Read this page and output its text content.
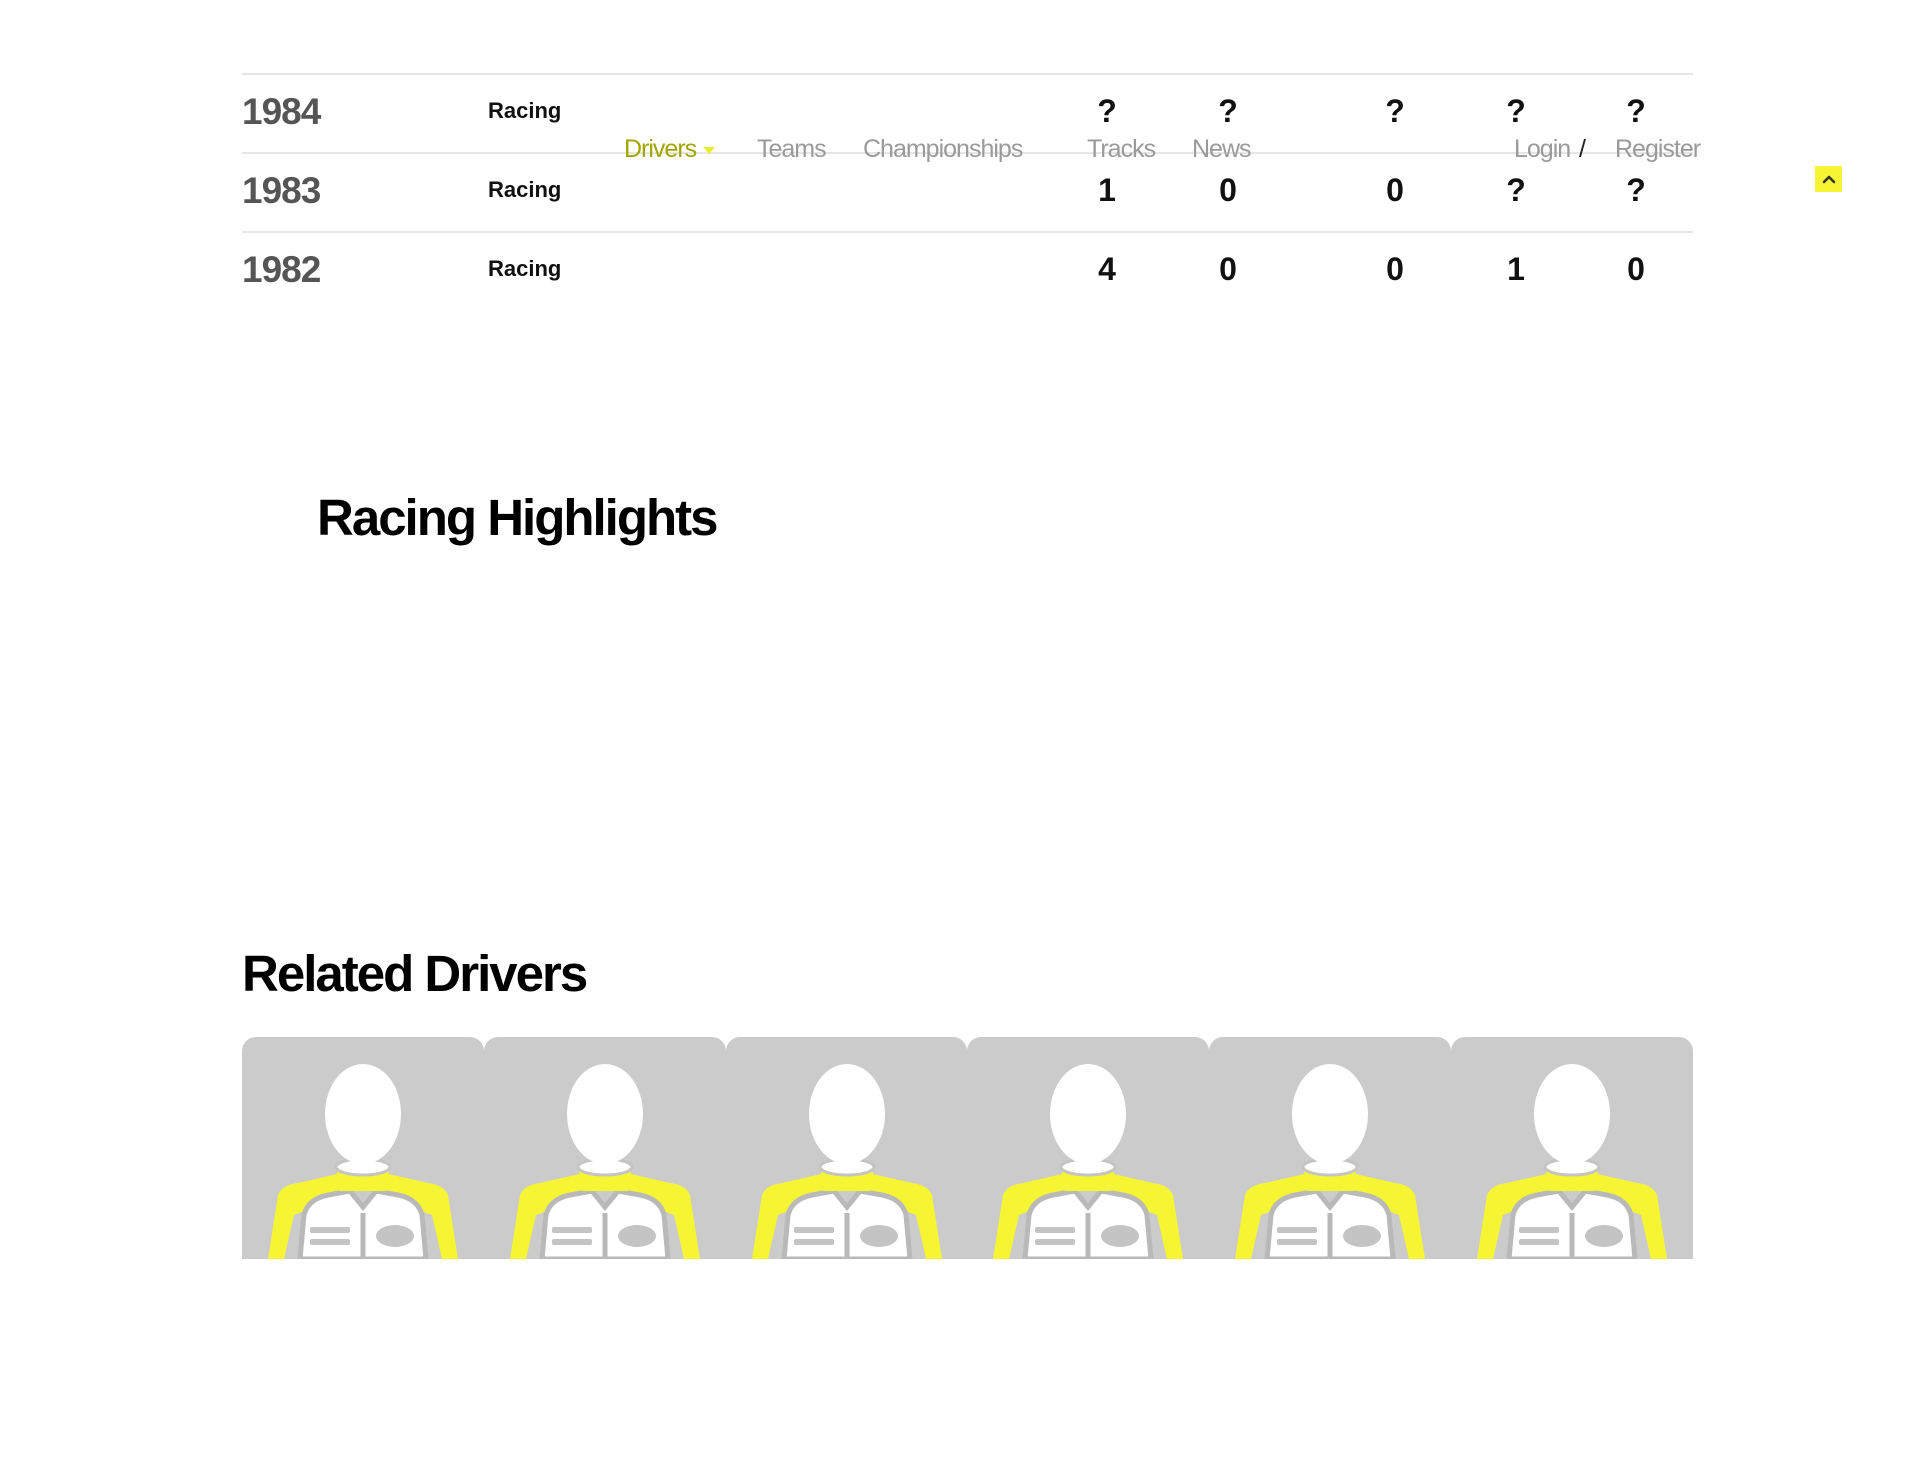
1984	Racing	?	?	?	?	?
1983	Racing	1	0	0	?	?
1982	Racing	4	0	0	1	0
Drivers	Teams Championships	Tracks News	Login / Register
Racing Highlights
Related Drivers
